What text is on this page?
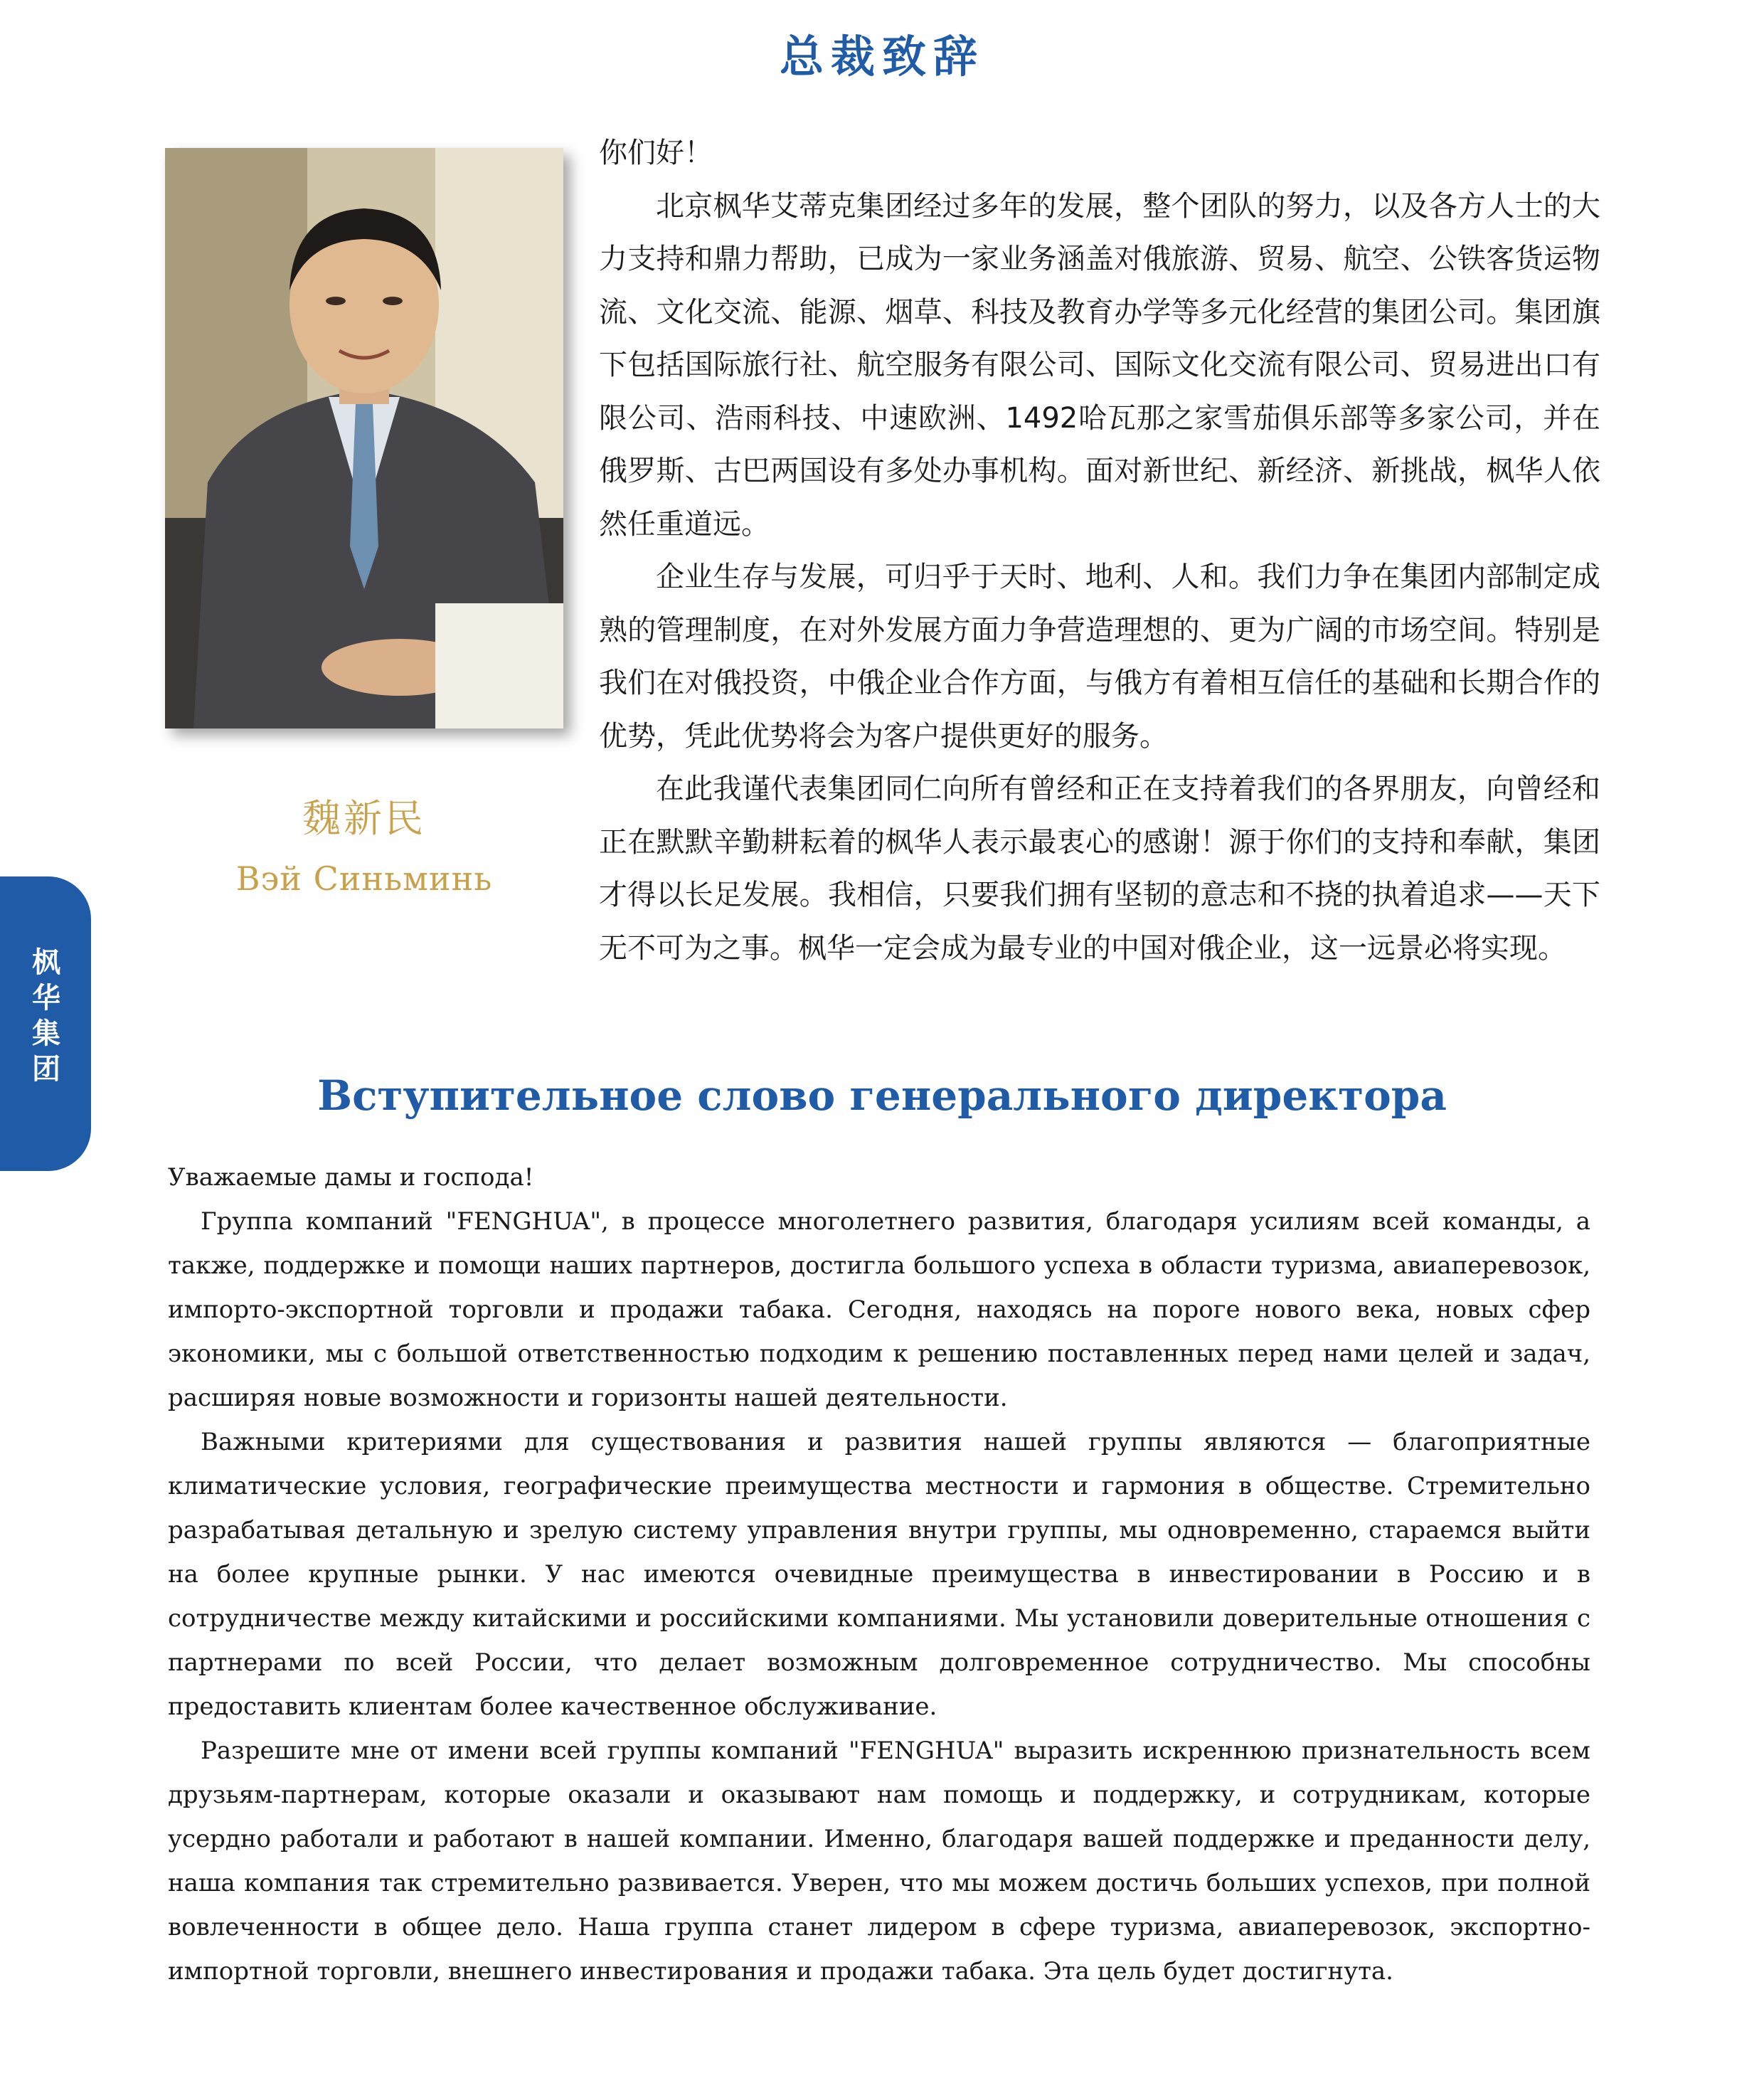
总裁致辞
魏新民
Вэй Синьминь
枫华集团

你们好！

北京枫华艾蒂克集团经过多年的发展，整个团队的努力，以及各方人士的大力支持和鼎力帮助，已成为一家业务涵盖对俄旅游、贸易、航空、公铁客货运物流、文化交流、能源、烟草、科技及教育办学等多元化经营的集团公司。集团旗下包括国际旅行社、航空服务有限公司、国际文化交流有限公司、贸易进出口有限公司、浩雨科技、中速欧洲、1492哈瓦那之家雪茄俱乐部等多家公司，并在俄罗斯、古巴两国设有多处办事机构。面对新世纪、新经济、新挑战，枫华人依然任重道远。

企业生存与发展，可归乎于天时、地利、人和。我们力争在集团内部制定成熟的管理制度，在对外发展方面力争营造理想的、更为广阔的市场空间。特别是我们在对俄投资，中俄企业合作方面，与俄方有着相互信任的基础和长期合作的优势，凭此优势将会为客户提供更好的服务。

在此我谨代表集团同仁向所有曾经和正在支持着我们的各界朋友，向曾经和正在默默辛勤耕耘着的枫华人表示最衷心的感谢！源于你们的支持和奉献，集团才得以长足发展。我相信，只要我们拥有坚韧的意志和不挠的执着追求——天下无不可为之事。枫华一定会成为最专业的中国对俄企业，这一远景必将实现。

Вступительное слово генерального директора

Уважаемые дамы и господа!

Группа компаний "FENGHUA", в процессе многолетнего развития, благодаря усилиям всей команды, а также, поддержке и помощи наших партнеров, достигла большого успеха в области туризма, авиаперевозок, импорто-экспортной торговли и продажи табака. Сегодня, находясь на пороге нового века, новых сфер экономики, мы с большой ответственностью подходим к решению поставленных перед нами целей и задач, расширяя новые возможности и горизонты нашей деятельности.

Важными критериями для существования и развития нашей группы являются — благоприятные климатические условия, географические преимущества местности и гармония в обществе. Стремительно разрабатывая детальную и зрелую систему управления внутри группы, мы одновременно, стараемся выйти на более крупные рынки. У нас имеются очевидные преимущества в инвестировании в Россию и в сотрудничестве между китайскими и российскими компаниями. Мы установили доверительные отношения с партнерами по всей России, что делает возможным долговременное сотрудничество. Мы способны предоставить клиентам более качественное обслуживание.

Разрешите мне от имени всей группы компаний "FENGHUA" выразить искреннюю признательность всем друзьям-партнерам, которые оказали и оказывают нам помощь и поддержку, и сотрудникам, которые усердно работали и работают в нашей компании. Именно, благодаря вашей поддержке и преданности делу, наша компания так стремительно развивается. Уверен, что мы можем достичь больших успехов, при полной вовлеченности в общее дело. Наша группа станет лидером в сфере туризма, авиаперевозок, экспортно-импортной торговли, внешнего инвестирования и продажи табака. Эта цель будет достигнута.
